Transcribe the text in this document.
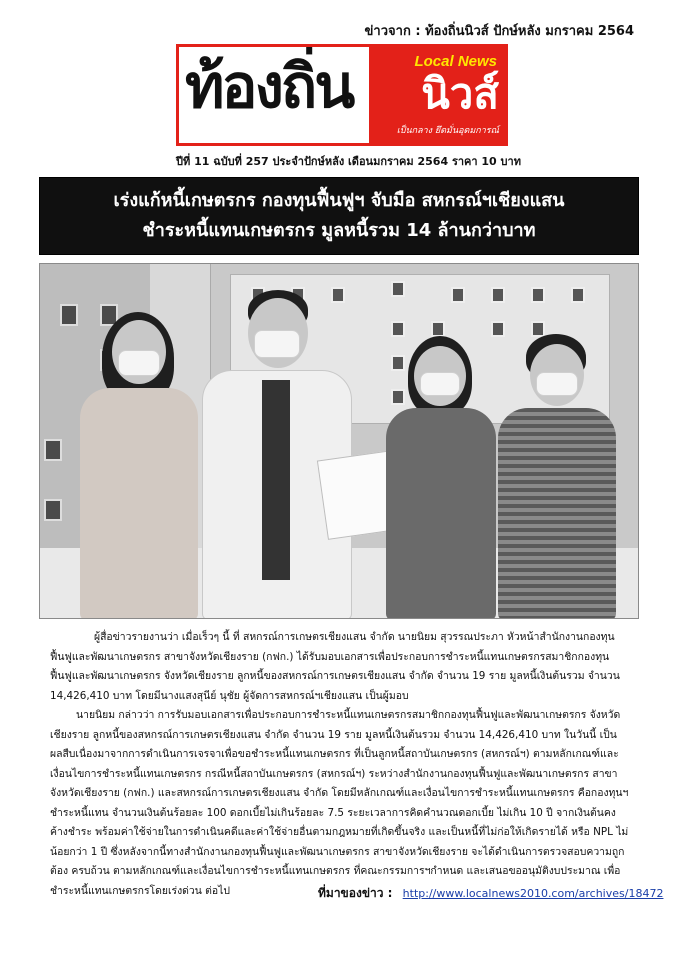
ข่าวจาก : ท้องถิ่นนิวส์ ปักษ์หลัง มกราคม 2564
ท้องถิ่น	Local News
นิวส์
เป็นกลาง ยึดมั่นอุดมการณ์
ปีที่ 11 ฉบับที่ 257 ประจำปักษ์หลัง เดือนมกราคม 2564 ราคา 10 บาท
เร่งแก้หนี้เกษตรกร กองทุนฟื้นฟูฯ จับมือ สหกรณ์ฯเชียงแสน
ชำระหนี้แทนเกษตรกร มูลหนี้รวม 14 ล้านกว่าบาท

ผู้สื่อข่าวรายงานว่า เมื่อเร็วๆ นี้ ที่ สหกรณ์การเกษตรเชียงแสน จำกัด นายนิยม สุวรรณประภา หัวหน้าสำนักงานกองทุน

ฟื้นฟูและพัฒนาเกษตรกร สาขาจังหวัดเชียงราย (กฟก.) ได้รับมอบเอกสารเพื่อประกอบการชำระหนี้แทนเกษตรกรสมาชิกกองทุน

ฟื้นฟูและพัฒนาเกษตรกร จังหวัดเชียงราย ลูกหนี้ของสหกรณ์การเกษตรเชียงแสน จำกัด จำนวน 19 ราย มูลหนี้เงินต้นรวม จำนวน

14,426,410 บาท โดยมีนางแสงสุนีย์ นุชัย ผู้จัดการสหกรณ์ฯเชียงแสน เป็นผู้มอบ

นายนิยม กล่าวว่า การรับมอบเอกสารเพื่อประกอบการชำระหนี้แทนเกษตรกรสมาชิกกองทุนฟื้นฟูและพัฒนาเกษตรกร จังหวัด

เชียงราย ลูกหนี้ของสหกรณ์การเกษตรเชียงแสน จำกัด จำนวน 19 ราย มูลหนี้เงินต้นรวม จำนวน 14,426,410 บาท ในวันนี้ เป็น

ผลสืบเนื่องมาจากการดำเนินการเจรจาเพื่อขอชำระหนี้แทนเกษตรกร ที่เป็นลูกหนี้สถาบันเกษตรกร (สหกรณ์ฯ) ตามหลักเกณฑ์และ

เงื่อนไขการชำระหนี้แทนเกษตรกร กรณีหนี้สถาบันเกษตรกร (สหกรณ์ฯ) ระหว่างสำนักงานกองทุนฟื้นฟูและพัฒนาเกษตรกร สาขา

จังหวัดเชียงราย (กฟก.) และสหกรณ์การเกษตรเชียงแสน จำกัด โดยมีหลักเกณฑ์และเงื่อนไขการชำระหนี้แทนเกษตรกร คือกองทุนฯ

ชำระหนี้แทน จำนวนเงินต้นร้อยละ 100 ดอกเบี้ยไม่เกินร้อยละ 7.5 ระยะเวลาการคิดคำนวณดอกเบี้ย ไม่เกิน 10 ปี จากเงินต้นคง

ค้างชำระ พร้อมค่าใช้จ่ายในการดำเนินคดีและค่าใช้จ่ายอื่นตามกฎหมายที่เกิดขึ้นจริง และเป็นหนี้ที่ไม่ก่อให้เกิดรายได้ หรือ NPL ไม่

น้อยกว่า 1 ปี ซึ่งหลังจากนี้ทางสำนักงานกองทุนฟื้นฟูและพัฒนาเกษตรกร สาขาจังหวัดเชียงราย จะได้ดำเนินการตรวจสอบความถูก

ต้อง ครบถ้วน ตามหลักเกณฑ์และเงื่อนไขการชำระหนี้แทนเกษตรกร ที่คณะกรรมการฯกำหนด และเสนอขออนุมัติงบประมาณ เพื่อ

ชำระหนี้แทนเกษตรกรโดยเร่งด่วน ต่อไป	ที่มาของข่าว : http://www.localnews2010.com/archives/18472
